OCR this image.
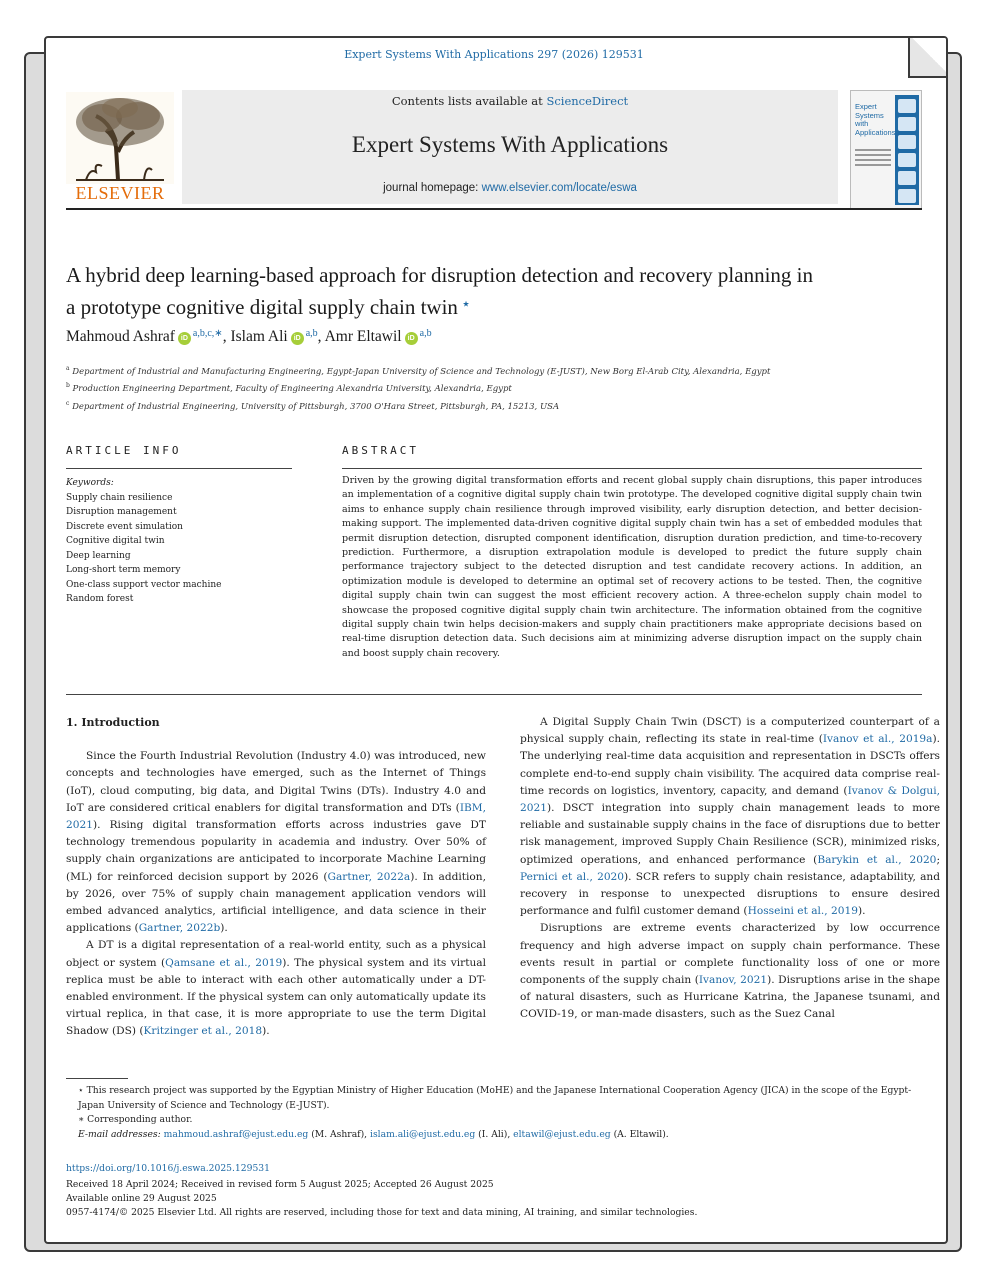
Expert Systems With Applications 297 (2026) 129531
ELSEVIER
Contents lists available at ScienceDirect
Expert Systems With Applications
journal homepage: www.elsevier.com/locate/eswa
Expert Systems with Applications
A hybrid deep learning-based approach for disruption detection and recovery planning in a prototype cognitive digital supply chain twin ⋆
Mahmoud Ashraf iD $^{a,b,c,∗}$, Islam Ali iD $^{a,b}$, Amr Eltawil iD $^{a,b}$
$^a$ Department of Industrial and Manufacturing Engineering, Egypt-Japan University of Science and Technology (E-JUST), New Borg El-Arab City, Alexandria, Egypt
$^b$ Production Engineering Department, Faculty of Engineering Alexandria University, Alexandria, Egypt
$^c$ Department of Industrial Engineering, University of Pittsburgh, 3700 O'Hara Street, Pittsburgh, PA, 15213, USA
ARTICLE INFO	ABSTRACT
Keywords:
Supply chain resilience
Disruption management
Discrete event simulation
Cognitive digital twin
Deep learning
Long-short term memory
One-class support vector machine
Random forest
Driven by the growing digital transformation efforts and recent global supply chain disruptions, this paper introduces an implementation of a cognitive digital supply chain twin prototype. The developed cognitive digital supply chain twin aims to enhance supply chain resilience through improved visibility, early disruption detection, and better decision-making support. The implemented data-driven cognitive digital supply chain twin has a set of embedded modules that permit disruption detection, disrupted component identification, disruption duration prediction, and time-to-recovery prediction. Furthermore, a disruption extrapolation module is developed to predict the future supply chain performance trajectory subject to the detected disruption and test candidate recovery actions. In addition, an optimization module is developed to determine an optimal set of recovery actions to be tested. Then, the cognitive digital supply chain twin can suggest the most efficient recovery action. A three-echelon supply chain model to showcase the proposed cognitive digital supply chain twin architecture. The information obtained from the cognitive digital supply chain twin helps decision-makers and supply chain practitioners make appropriate decisions based on real-time disruption detection data. Such decisions aim at minimizing adverse disruption impact on the supply chain and boost supply chain recovery.
1. Introduction

Since the Fourth Industrial Revolution (Industry 4.0) was introduced, new concepts and technologies have emerged, such as the Internet of Things (IoT), cloud computing, big data, and Digital Twins (DTs). Industry 4.0 and IoT are considered critical enablers for digital transformation and DTs (IBM, 2021). Rising digital transformation efforts across industries gave DT technology tremendous popularity in academia and industry. Over 50% of supply chain organizations are anticipated to incorporate Machine Learning (ML) for reinforced decision support by 2026 (Gartner, 2022a). In addition, by 2026, over 75% of supply chain management application vendors will embed advanced analytics, artificial intelligence, and data science in their applications (Gartner, 2022b).

A DT is a digital representation of a real-world entity, such as a physical object or system (Qamsane et al., 2019). The physical system and its virtual replica must be able to interact with each other automatically under a DT-enabled environment. If the physical system can only automatically update its virtual replica, in that case, it is more appropriate to use the term Digital Shadow (DS) (Kritzinger et al., 2018).

A Digital Supply Chain Twin (DSCT) is a computerized counterpart of a physical supply chain, reflecting its state in real-time (Ivanov et al., 2019a). The underlying real-time data acquisition and representation in DSCTs offers complete end-to-end supply chain visibility. The acquired data comprise real-time records on logistics, inventory, capacity, and demand (Ivanov & Dolgui, 2021). DSCT integration into supply chain management leads to more reliable and sustainable supply chains in the face of disruptions due to better risk management, improved Supply Chain Resilience (SCR), minimized risks, optimized operations, and enhanced performance (Barykin et al., 2020; Pernici et al., 2020). SCR refers to supply chain resistance, adaptability, and recovery in response to unexpected disruptions to ensure desired performance and fulfil customer demand (Hosseini et al., 2019).

Disruptions are extreme events characterized by low occurrence frequency and high adverse impact on supply chain performance. These events result in partial or complete functionality loss of one or more components of the supply chain (Ivanov, 2021). Disruptions arise in the shape of natural disasters, such as Hurricane Katrina, the Japanese tsunami, and COVID-19, or man-made disasters, such as the Suez Canal

⋆ This research project was supported by the Egyptian Ministry of Higher Education (MoHE) and the Japanese International Cooperation Agency (JICA) in the scope of the Egypt-Japan University of Science and Technology (E-JUST).
∗ Corresponding author.
E-mail addresses: mahmoud.ashraf@ejust.edu.eg (M. Ashraf), islam.ali@ejust.edu.eg (I. Ali), eltawil@ejust.edu.eg (A. Eltawil).
https://doi.org/10.1016/j.eswa.2025.129531
Received 18 April 2024; Received in revised form 5 August 2025; Accepted 26 August 2025
Available online 29 August 2025
0957-4174/© 2025 Elsevier Ltd. All rights are reserved, including those for text and data mining, AI training, and similar technologies.
